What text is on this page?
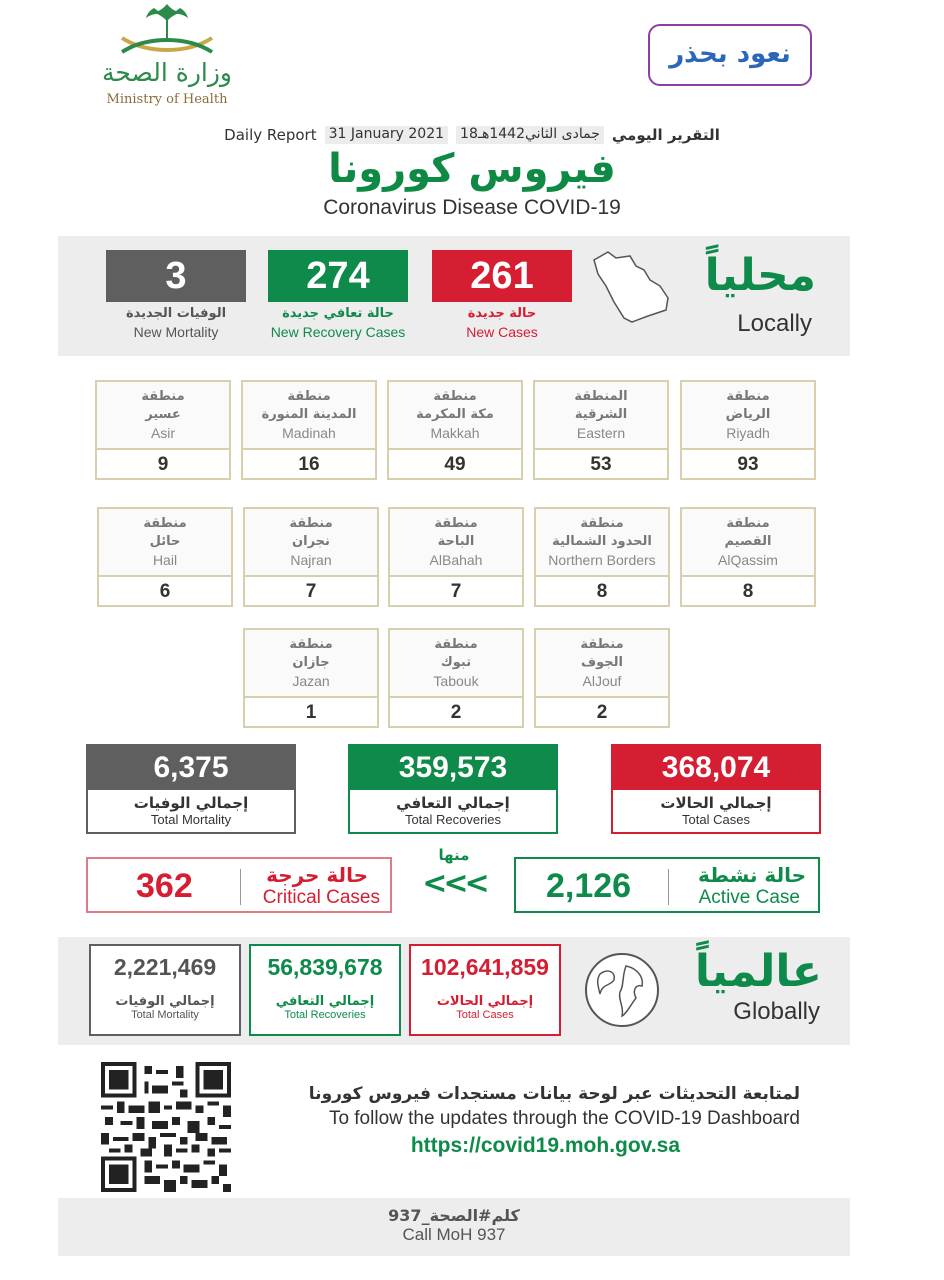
وزارة الصحة
Ministry of Health
نعود بحذر
Daily Report 31 January 2021 18جمادى الثاني1442هـ التقرير اليومي
فيروس كورونا
Coronavirus Disease COVID-19
3
الوفيات الجديدة
New Mortality
274
حالة تعافي جديدة
New Recovery Cases
261
حالة جديدة
New Cases
محلياً
Locally
منطقة
الرياض
Riyadh
93
المنطقة
الشرقية
Eastern
53
منطقة
مكة المكرمة
Makkah
49
منطقة
المدينة المنورة
Madinah
16
منطقة
عسير
Asir
9
منطقة
القصيم
AlQassim
8
منطقة
الحدود الشمالية
Northern Borders
8
منطقة
الباحة
AlBahah
7
منطقة
نجران
Najran
7
منطقة
حائل
Hail
6
منطقة
الجوف
AlJouf
2
منطقة
تبوك
Tabouk
2
منطقة
جازان
Jazan
1
368,074
إجمالي الحالات
Total Cases
359,573
إجمالي التعافي
Total Recoveries
6,375
إجمالي الوفيات
Total Mortality
2,126	حالة نشطة
Active Case
منها
<<<
362	حالة حرجة
Critical Cases
102,641,859
إجمالي الحالات
Total Cases
56,839,678
إجمالي التعافي
Total Recoveries
2,221,469
إجمالي الوفيات
Total Mortality
عالمياً
Globally
لمتابعة التحديثات عبر لوحة بيانات مستجدات فيروس كورونا
To follow the updates through the COVID-19 Dashboard
https://covid19.moh.gov.sa
كلم#الصحة_937
Call MoH 937
